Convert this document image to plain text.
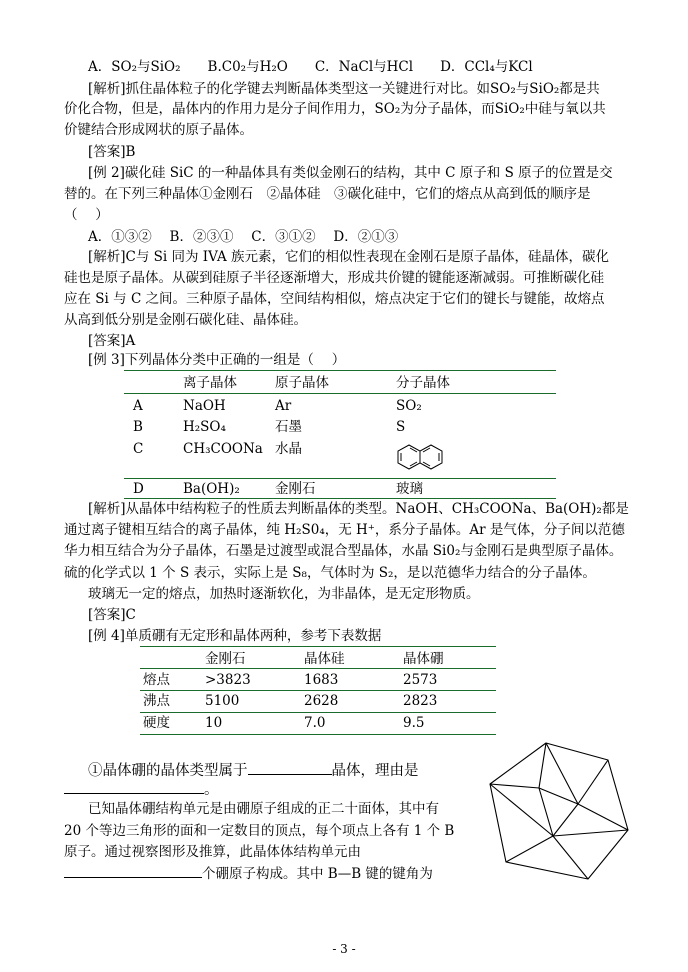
A．SO₂与SiO₂　　B.C0₂与H₂O　　C．NaCl与HCl　　D．CCl₄与KCl
[解析]抓住晶体粒子的化学键去判断晶体类型这一关键进行对比。如SO₂与SiO₂都是共
价化合物，但是，晶体内的作用力是分子间作用力，SO₂为分子晶体，而SiO₂中硅与氧以共
价键结合形成网状的原子晶体。
[答案]B
[例 2]碳化硅 SiC 的一种晶体具有类似金刚石的结构，其中 C 原子和 S 原子的位置是交
替的。在下列三种晶体①金刚石　②晶体硅　③碳化硅中，它们的熔点从高到低的顺序是
（　 ）
A．①③②　 B．②③①　 C．③①②　 D．②①③
[解析]C与 Si 同为 IVA 族元素，它们的相似性表现在金刚石是原子晶体，硅晶体，碳化
硅也是原子晶体。从碳到硅原子半径逐渐增大，形成共价键的键能逐渐减弱。可推断碳化硅
应在 Si 与 C 之间。三种原子晶体，空间结构相似，熔点决定于它们的键长与键能，故熔点
从高到低分别是金刚石碳化硅、晶体硅。
[答案]A
[例 3]下列晶体分类中正确的一组是（　 ）
离子晶体	原子晶体	分子晶体
A	NaOH	Ar	SO₂
B	H₂SO₄	石墨	S
C	CH₃COONa 水晶
D	Ba(OH)₂	金刚石	玻璃
[解析]从晶体中结构粒子的性质去判断晶体的类型。NaOH、CH₃COONa、Ba(OH)₂都是
通过离子键相互结合的离子晶体，纯 H₂S0₄，无 H⁺，系分子晶体。Ar 是气体，分子间以范德
华力相互结合为分子晶体，石墨是过渡型或混合型晶体，水晶 Si0₂与金刚石是典型原子晶体。
硫的化学式以 1 个 S 表示，实际上是 S₈，气体时为 S₂，是以范德华力结合的分子晶体。
玻璃无一定的熔点，加热时逐渐软化，为非晶体，是无定形物质。
[答案]C
[例 4]单质硼有无定形和晶体两种，参考下表数据
金刚石	晶体硅	晶体硼
熔点	>3823	1683	2573
沸点	5100	2628	2823
硬度	10	7.0	9.5
①晶体硼的晶体类型属于	晶体，理由是
。
已知晶体硼结构单元是由硼原子组成的正二十面体，其中有
20 个等边三角形的面和一定数目的顶点，每个项点上各有 1 个 B
原子。通过视察图形及推算，此晶体体结构单元由
个硼原子构成。其中 B—B 键的键角为
- 3 -
